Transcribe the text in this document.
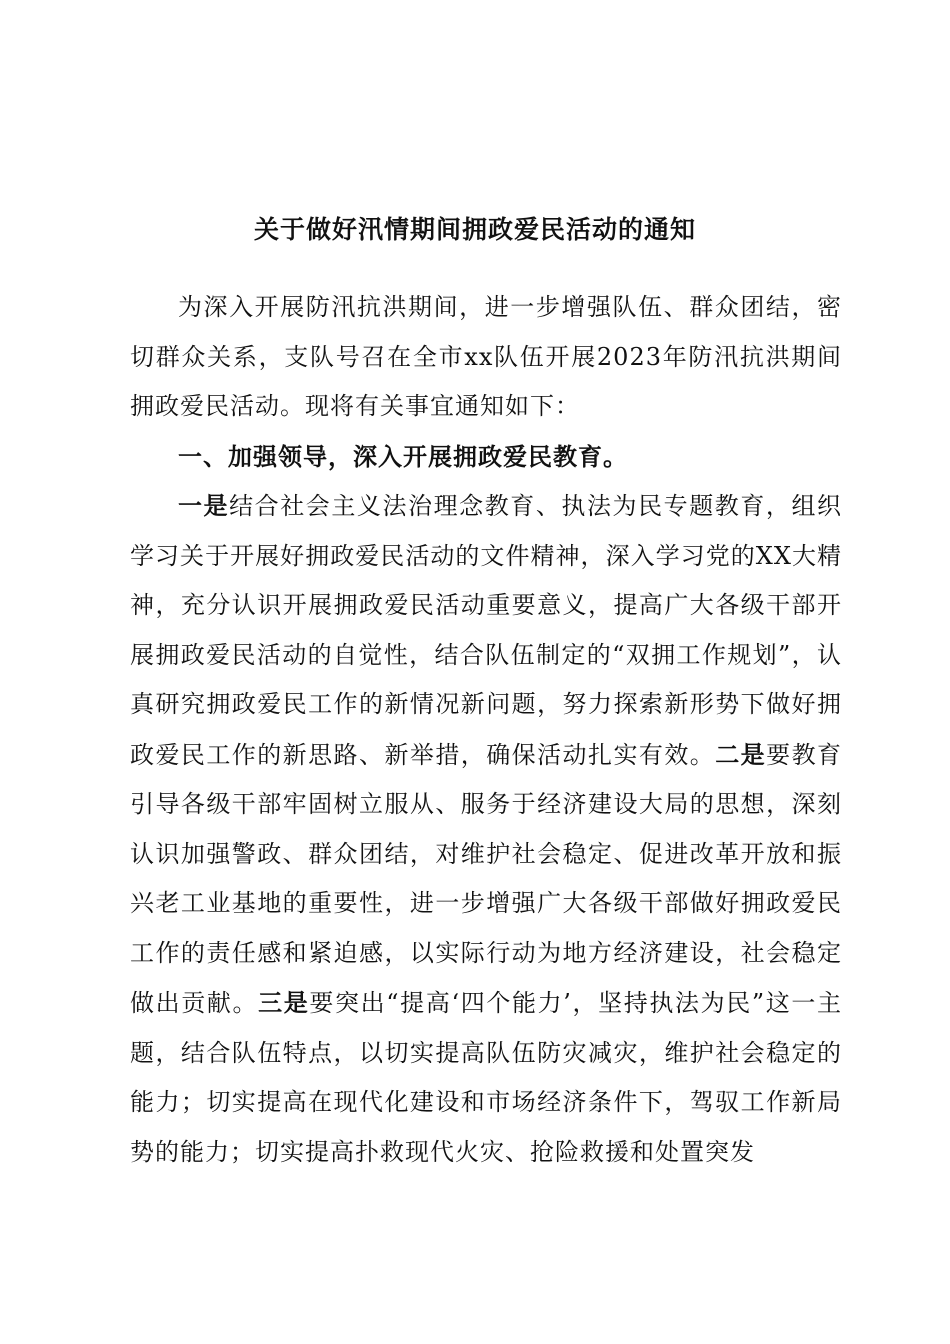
关于做好汛情期间拥政爱民活动的通知

为深入开展防汛抗洪期间，进一步增强队伍、群众团结，密切群众关系，支队号召在全市xx队伍开展2023年防汛抗洪期间拥政爱民活动。现将有关事宜通知如下：

一、加强领导，深入开展拥政爱民教育。

一是结合社会主义法治理念教育、执法为民专题教育，组织学习关于开展好拥政爱民活动的文件精神，深入学习党的XX大精神，充分认识开展拥政爱民活动重要意义，提高广大各级干部开展拥政爱民活动的自觉性，结合队伍制定的“双拥工作规划”，认真研究拥政爱民工作的新情况新问题，努力探索新形势下做好拥政爱民工作的新思路、新举措，确保活动扎实有效。二是要教育引导各级干部牢固树立服从、服务于经济建设大局的思想，深刻认识加强警政、群众团结，对维护社会稳定、促进改革开放和振兴老工业基地的重要性，进一步增强广大各级干部做好拥政爱民工作的责任感和紧迫感，以实际行动为地方经济建设，社会稳定做出贡献。三是要突出“提高‘四个能力’，坚持执法为民”这一主题，结合队伍特点，以切实提高队伍防灾减灾，维护社会稳定的能力；切实提高在现代化建设和市场经济条件下，驾驭工作新局势的能力；切实提高扑救现代火灾、抢险救援和处置突发
